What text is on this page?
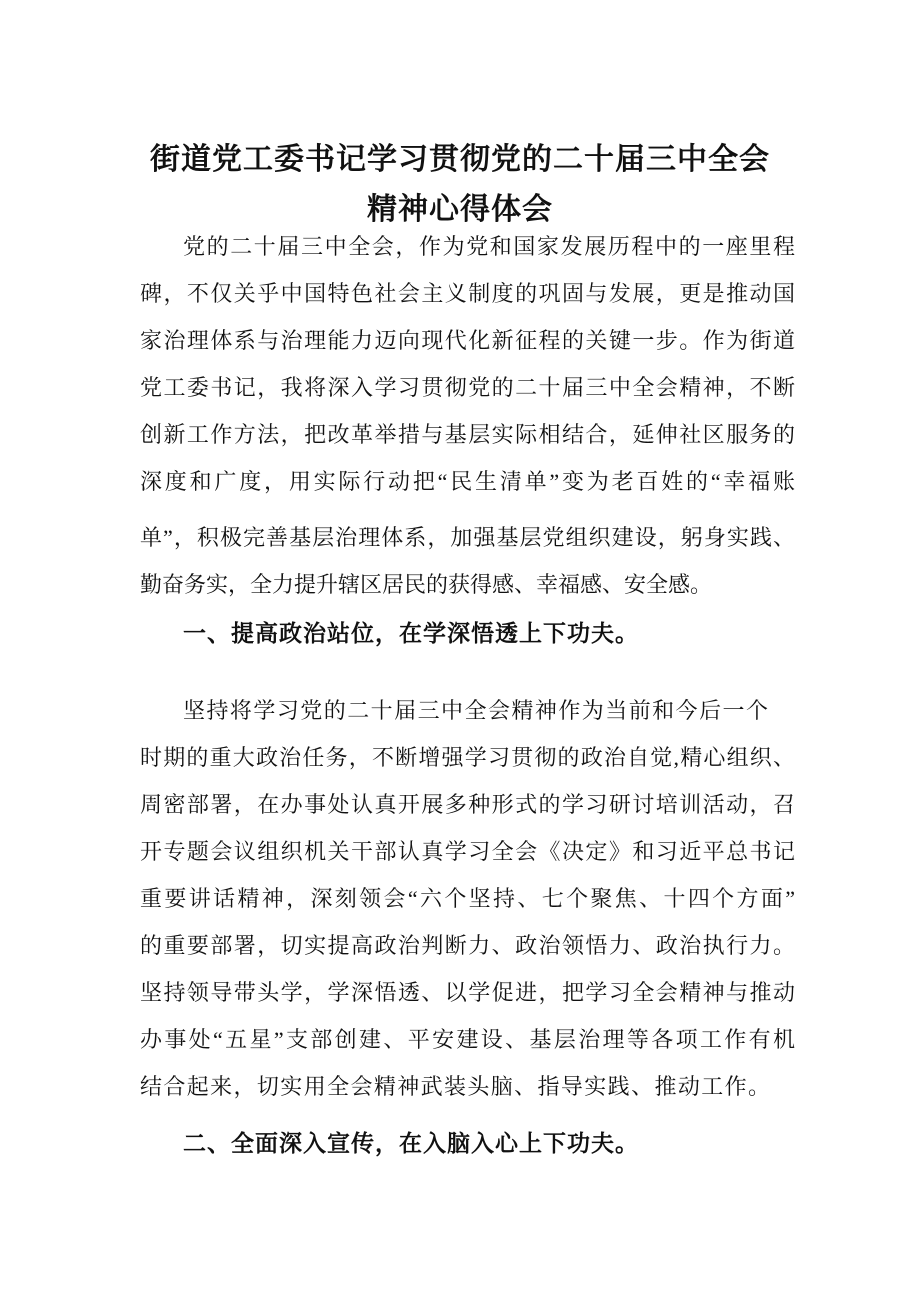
街道党工委书记学习贯彻党的二十届三中全会
精神心得体会
党的二十届三中全会，作为党和国家发展历程中的一座里程
碑，不仅关乎中国特色社会主义制度的巩固与发展，更是推动国
家治理体系与治理能力迈向现代化新征程的关键一步。作为街道
党工委书记，我将深入学习贯彻党的二十届三中全会精神，不断
创新工作方法，把改革举措与基层实际相结合，延伸社区服务的
深度和广度，用实际行动把“民生清单”变为老百姓的“幸福账
单”，积极完善基层治理体系，加强基层党组织建设，躬身实践、
勤奋务实，全力提升辖区居民的获得感、幸福感、安全感。
一、提高政治站位，在学深悟透上下功夫。
坚持将学习党的二十届三中全会精神作为当前和今后一个
时期的重大政治任务，不断增强学习贯彻的政治自觉,精心组织、
周密部署，在办事处认真开展多种形式的学习研讨培训活动，召
开专题会议组织机关干部认真学习全会《决定》和习近平总书记
重要讲话精神，深刻领会“六个坚持、七个聚焦、十四个方面”
的重要部署，切实提高政治判断力、政治领悟力、政治执行力。
坚持领导带头学，学深悟透、以学促进，把学习全会精神与推动
办事处“五星”支部创建、平安建设、基层治理等各项工作有机
结合起来，切实用全会精神武装头脑、指导实践、推动工作。
二、全面深入宣传，在入脑入心上下功夫。
